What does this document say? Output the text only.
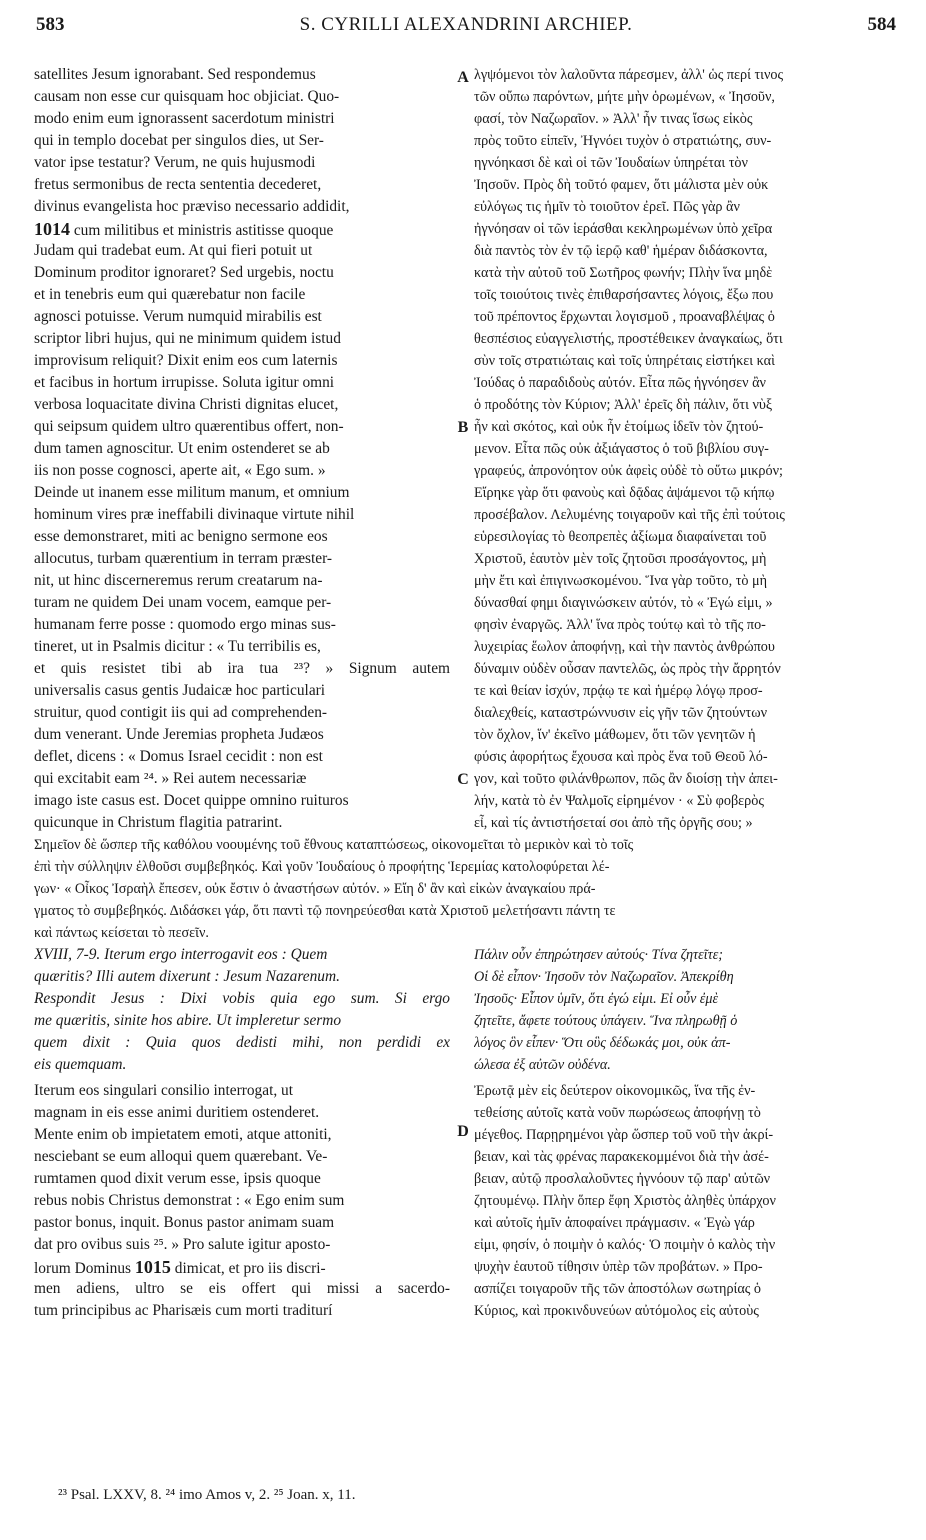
583	S. CYRILLI ALEXANDRINI ARCHIEP.	584
satellites Jesum ignorabant. Sed respondemus
causam non esse cur quisquam hoc objiciat. Quo-
modo enim eum ignorassent sacerdotum ministri
qui in templo docebat per singulos dies, ut Ser-
vator ipse testatur? Verum, ne quis hujusmodi
fretus sermonibus de recta sententia decederet,
divinus evangelista hoc præviso necessario addidit,
1014 cum militibus et ministris astitisse quoque
Judam qui tradebat eum. At qui fieri potuit ut
Dominum proditor ignoraret? Sed urgebis, noctu
et in tenebris eum qui quærebatur non facile
agnosci potuisse. Verum numquid mirabilis est
scriptor libri hujus, qui ne minimum quidem istud
improvisum reliquit? Dixit enim eos cum laternis
et facibus in hortum irrupisse. Soluta igitur omni
verbosa loquacitate divina Christi dignitas elucet,
qui seipsum quidem ultro quærentibus offert, non-
dum tamen agnoscitur. Ut enim ostenderet se ab
iis non posse cognosci, aperte ait, « Ego sum. »
Deinde ut inanem esse militum manum, et omnium
hominum vires præ ineffabili divinaque virtute nihil
esse demonstraret, miti ac benigno sermone eos
allocutus, turbam quærentium in terram præster-
nit, ut hinc discerneremus rerum creatarum na-
turam ne quidem Dei unam vocem, eamque per-
humanam ferre posse : quomodo ergo minas sus-
tineret, ut in Psalmis dicitur : « Tu terribilis es,
et quis resistet tibi ab ira tua ²³? » Signum autem
universalis casus gentis Judaicæ hoc particulari
struitur, quod contigit iis qui ad comprehenden-
dum venerant. Unde Jeremias propheta Judæos
deflet, dicens : « Domus Israel cecidit : non est
qui excitabit eam ²⁴. » Rei autem necessariæ
imago iste casus est. Docet quippe omnino ruituros
quicunque in Christum flagitia patrarint.
λγψόμενοι τὸν λαλοῦντα πάρεσμεν, ἀλλ' ὡς περί τινος
τῶν οὔπω παρόντων, μήτε μὴν ὁρωμένων, « Ἰησοῦν,
φασί, τὸν Ναζωραῖον. » Ἀλλ' ἦν τινας ἴσως εἰκὸς
πρὸς τοῦτο εἰπεῖν, Ἠγνόει τυχὸν ὁ στρατιώτης, συν-
ηγνόηκασι δὲ καὶ οἱ τῶν Ἰουδαίων ὑπηρέται τὸν
Ἰησοῦν. Πρὸς δὴ τοῦτό φαμεν, ὅτι μάλιστα μὲν οὐκ
εὐλόγως τις ἡμῖν τὸ τοιοῦτον ἐρεῖ. Πῶς γὰρ ἂν
ἠγνόησαν οἱ τῶν ἱεράσθαι κεκληρωμένων ὑπὸ χεῖρα
διὰ παντὸς τὸν ἐν τῷ ἱερῷ καθ' ἡμέραν διδάσκοντα,
κατὰ τὴν αὐτοῦ τοῦ Σωτῆρος φωνήν; Πλὴν ἵνα μηδὲ
τοῖς τοιούτοις τινὲς ἐπιθαρσήσαντες λόγοις, ἔξω που
τοῦ πρέποντος ἔρχωνται λογισμοῦ , προαναβλέψας ὁ
θεσπέσιος εὐαγγελιστής, προστέθεικεν ἀναγκαίως, ὅτι
σὺν τοῖς στρατιώταις καὶ τοῖς ὑπηρέταις εἱστήκει καὶ
Ἰούδας ὁ παραδιδοὺς αὐτόν. Εἶτα πῶς ἠγνόησεν ἂν
ὁ προδότης τὸν Κύριον; Ἀλλ' ἐρεῖς δὴ πάλιν, ὅτι νὺξ
ἦν καὶ σκότος, καὶ οὐκ ἦν ἑτοίμως ἰδεῖν τὸν ζητού-
μενον. Εἶτα πῶς οὐκ ἀξιάγαστος ὁ τοῦ βιβλίου συγ-
γραφεύς, ἀπρονόητον οὐκ ἀφεὶς οὐδὲ τὸ οὕτω μικρόν;
Εἴρηκε γὰρ ὅτι φανοὺς καὶ δᾷδας ἀψάμενοι τῷ κήπῳ
προσέβαλον. Λελυμένης τοιγαροῦν καὶ τῆς ἐπὶ τούτοις
εὑρεσιλογίας τὸ θεοπρεπὲς ἀξίωμα διαφαίνεται τοῦ
Χριστοῦ, ἑαυτὸν μὲν τοῖς ζητοῦσι προσάγοντος, μὴ
μὴν ἔτι καὶ ἐπιγινωσκομένου. Ἵνα γὰρ τοῦτο, τὸ μὴ
δύνασθαί φημι διαγινώσκειν αὐτόν, τὸ « Ἐγώ εἰμι, »
φησὶν ἐναργῶς. Ἀλλ' ἵνα πρὸς τούτῳ καὶ τὸ τῆς πο-
λυχειρίας ἕωλον ἀποφήνῃ, καὶ τὴν παντὸς ἀνθρώπου
δύναμιν οὐδὲν οὖσαν παντελῶς, ὡς πρὸς τὴν ἄρρητόν
τε καὶ θείαν ἰσχύν, πρᾴῳ τε καὶ ἡμέρῳ λόγῳ προσ-
διαλεχθείς, καταστρώννυσιν εἰς γῆν τῶν ζητούντων
τὸν ὄχλον, ἵν' ἐκεῖνο μάθωμεν, ὅτι τῶν γενητῶν ἡ
φύσις ἀφορήτως ἔχουσα καὶ πρὸς ἕνα τοῦ Θεοῦ λό-
γον, καὶ τοῦτο φιλάνθρωπον, πῶς ἂν διοίσῃ τὴν ἀπει-
λήν, κατὰ τὸ ἐν Ψαλμοῖς εἰρημένον · « Σὺ φοβερὸς
εἶ, καὶ τίς ἀντιστήσεταί σοι ἀπὸ τῆς ὀργῆς σου; »
A
B
C
D
Σημεῖον δὲ ὥσπερ τῆς καθόλου νοουμένης τοῦ ἔθνους καταπτώσεως, οἰκονομεῖται τὸ μερικὸν καὶ τὸ τοῖς
ἐπὶ τὴν σύλληψιν ἐλθοῦσι συμβεβηκός. Καὶ γοῦν Ἰουδαίους ὁ προφήτης Ἱερεμίας κατολοφύρεται λέ-
γων· « Οἶκος Ἰσραὴλ ἔπεσεν, οὐκ ἔστιν ὁ ἀναστήσων αὐτόν. » Εἴη δ' ἂν καὶ εἰκὼν ἀναγκαίου πρά-
γματος τὸ συμβεβηκός. Διδάσκει γάρ, ὅτι παντὶ τῷ πονηρεύεσθαι κατὰ Χριστοῦ μελετήσαντι πάντη τε
καὶ πάντως κείσεται τὸ πεσεῖν.
XVIII, 7-9. Iterum ergo interrogavit eos : Quem
quæritis? Illi autem dixerunt : Jesum Nazarenum.
Respondit Jesus : Dixi vobis quia ego sum. Si ergo
me quæritis, sinite hos abire. Ut impleretur sermo
quem dixit : Quia quos dedisti mihi, non perdidi ex
eis quemquam.
Πάλιν οὖν ἐπηρώτησεν αὐτούς· Τίνα ζητεῖτε;
Οἱ δὲ εἶπον· Ἰησοῦν τὸν Ναζωραῖον. Ἀπεκρίθη
Ἰησοῦς· Εἶπον ὑμῖν, ὅτι ἐγώ εἰμι. Εἰ οὖν ἐμὲ
ζητεῖτε, ἄφετε τούτους ὑπάγειν. Ἵνα πληρωθῇ ὁ
λόγος ὃν εἶπεν· Ὅτι οὓς δέδωκάς μοι, οὐκ ἀπ-
ώλεσα ἐξ αὐτῶν οὐδένα.
Iterum eos singulari consilio interrogat, ut
magnam in eis esse animi duritiem ostenderet.
Mente enim ob impietatem emoti, atque attoniti,
nesciebant se eum alloqui quem quærebant. Ve-
rumtamen quod dixit verum esse, ipsis quoque
rebus nobis Christus demonstrat : « Ego enim sum
pastor bonus, inquit. Bonus pastor animam suam
dat pro ovibus suis ²⁵. » Pro salute igitur aposto-
lorum Dominus 1015 dimicat, et pro iis discri-
men adiens, ultro se eis offert qui missi a sacerdo-
tum principibus ac Pharisæis cum morti traditurí
Ἐρωτᾷ μὲν εἰς δεύτερον οἰκονομικῶς, ἵνα τῆς ἐν-
τεθείσης αὐτοῖς κατὰ νοῦν πωρώσεως ἀποφήνῃ τὸ
μέγεθος. Παρῃρημένοι γὰρ ὥσπερ τοῦ νοῦ τὴν ἀκρί-
βειαν, καὶ τὰς φρένας παρακεκομμένοι διὰ τὴν ἀσέ-
βειαν, αὐτῷ προσλαλοῦντες ἠγνόουν τῷ παρ' αὐτῶν
ζητουμένῳ. Πλὴν ὅπερ ἔφη Χριστὸς ἀληθὲς ὑπάρχον
καὶ αὐτοῖς ἡμῖν ἀποφαίνει πράγμασιν. « Ἐγὼ γάρ
εἰμι, φησίν, ὁ ποιμὴν ὁ καλός· Ὁ ποιμὴν ὁ καλὸς τὴν
ψυχὴν ἑαυτοῦ τίθησιν ὑπὲρ τῶν προβάτων. » Προ-
ασπίζει τοιγαροῦν τῆς τῶν ἀποστόλων σωτηρίας ὁ
Κύριος, καὶ προκινδυνεύων αὐτόμολος εἰς αὐτοὺς
²³ Psal. LXXV, 8. ²⁴ imo Amos v, 2. ²⁵ Joan. x, 11.
